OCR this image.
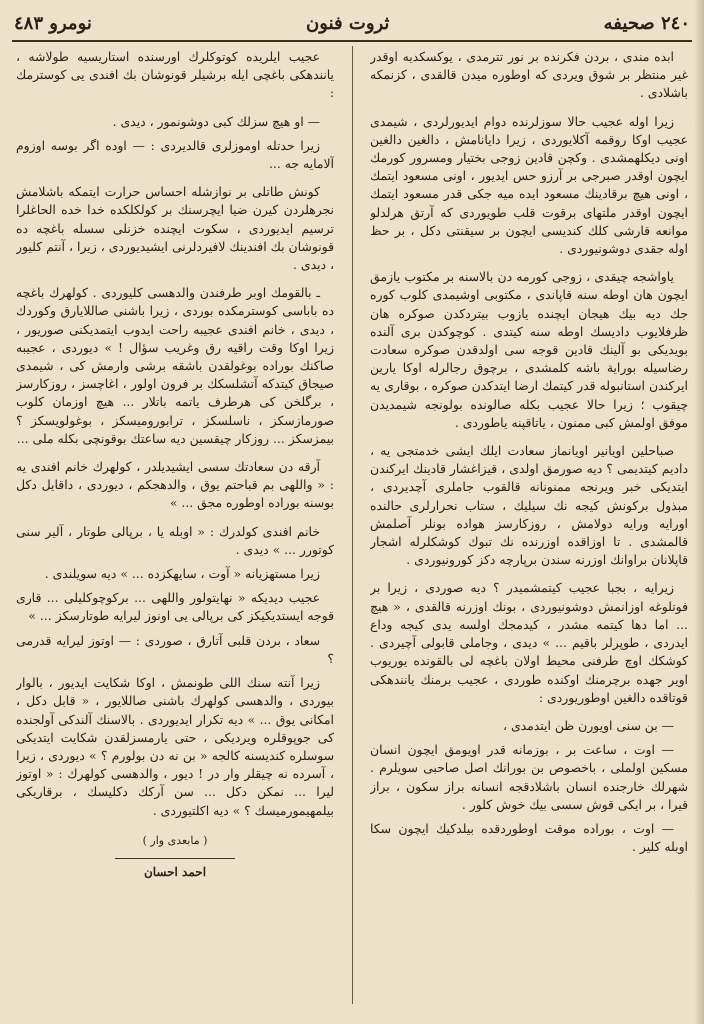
٢٤٠ صحيفه
ثروت فنون
نومرو ٤٨٣

ابده مندى ، بردن فكرنده بر نور تترمدى ، يوكسكديه اوقدر غير منتظر بر شوق ويردى كه اوطوره ميدن قالقدى ، كزنمكه باشلادى .

زيرا اوله عجيب حالا سوزلرنده دوام ايديورلردى ، شيمدى عجيب اوكا روقمه آكلايوردى ، زيرا دايانامش ، دالغين دالغين اونى ديكلهمشدى . وكچن قادين زوجى بختيار ومسرور كورمك ايچون اوقدر صبرجى بر آرزو حس ايديور ، اونى مسعود ايتمك ، اونى هيچ برقادينك مسعود ايده ميه جكى قدر مسعود ايتمك ايچون اوقدر ملتهاى برقوت قلب طويوردى كه آرتق هرلدلو موانعه قارشى كلك كنديسى ايچون بر سيقنتى دكل ، بر حظ اوله جقدى دوشونيوردى .

ياواشجه چيقدى ، زوجى كورمه دن بالاسنه بر مكتوب يازمق ايچون هان اوطه سنه قاپاندى ، مكتوبى اوشيمدى كلوب كوره جك ديه بيك هيجان ايچنده يازوب بيتردكدن صوكره هان ظرفلايوب داديسك اوطه سنه كيتدى . كوچوكدن برى آلنده بويديكى بو آلينك قادين قوجه سى اولدقدن صوكره سعادت رضاسيله بوراية باشه كلمشدى ، برچوق رجالرله اوكا يارين ايركندن استانبوله قدر كيتمك ارضا ايتدكدن صوكره ، بوقارى يه چيقوب ؛ زيرا حالا عجيب بكله صالونده بولونجه شيمديدن موفق اولمش كبى ممنون ، ياتاقپنه ياطوردى .

صباحلين اويانير اويانماز سعادت ايلك ايشى خدمتجى يه ، داديم كيتديمى ؟ ديه صورمق اولدى ، قيزاغشار قادينك ايركندن ايتديكى خبر ويرنجه ممنونانه قالقوب جاملرى آچديردى ، مبذول بركونش كيجه نك سيليك ، ستاب نحرارلرى حالنده اورايه ورايه دولامش ، روزكارسز هواده بونلر آصلمش قالمشدى . تا اوزاقده اوزرنده نك تبوك كوشكلرله اشجار قاپلانان براوانك اوزرنه سندن برپارچه دكز كورونيوردى .

زيرايه ، بجبا عجيب كيتمشميدر ؟ ديه صوردى ، زيرا بر فوتلوغه اوزانمش دوشونيوردى ، بونك اوزرنه قالقدى ، « هيچ ... اما دها كيتمه مشدر ، كيدمجك اولسه يدى كيجه وداع ايدردى ، طوپرلر باقيم ... » ديدى ، وجاملى قابولى آچيردى . كوشكك اوچ طرفنى محيط اولان باغچه لى بالقونده يوريوب اوير جهده برچرمنك اوكنده طوردى ، عجيب برمنك يانندهكى قوتاقده دالغين اوطوريوردى :

— بن سنى اويورن ظن ايتدمدى ،

— اوت ، ساعت بر ، بوزمانه قدر اويومق ايچون انسان مسكين اولملى ، باخصوص بن بورانك اصل صاحبى سويلرم . شهرلك خارجنده انسان باشلادقجه انسانه براز سكون ، براز قيرا ، بر ايكى قوش سسى بيك خوش كلور .

— اوت ، بوراده موقت اوطوردقده بيلدكيك ايچون سكا اوبله كلير .

عجيب ايلريده كوتوكلرك اورسنده استاريسيه طولاشه ، يانندهكى باغچى ايله برشيلر قونوشان بك افندى يى كوسترمك :

— او هيچ سزلك كبى دوشونمور ، ديدى .

زيرا حدتله اوموزلرى قالديردى : — اوده اگر بوسه اوزوم آلامايه جه ...

كونش طاتلى بر نوازشله احساس حرارت ايتمكه باشلامش نجرهلردن كيرن ضيا ايچرسنك بر كولكلكده خدا خده الحاغلرا ترسيم ايديوردى ، سكوت ايچنده خزنلى سسله باغچه ده قونوشان بك افندينك لافيردلرنى ايشيديوردى ، زيرا ، آنتم كليور ، ديدى .

ـ بالقومك اوبر طرفندن والدهسى كليوردى . كولهرك باغچه ده باباسى كوسترمكده بوردى ، زيرا باشنى صاللايارق وكوردك ، ديدى ، خانم افندى عجيبه راحت ايدوب ايتمديكنى صوريور ، زيرا اوكا وقت راقيه رق وغريب سؤال ! » ديوردى ، عجيبه صاكنك بوراده بوغولقدن باشقه برشى وارمش كى ، شيمدى صيجاق كيتدكه آتشلسكك بر فرون اولور ، اغاچسز ، روزكارسز ، برگلخن كى هرطرف ياتمه باتلار ... هيچ اوزمان كلوب صورمازسكز ، ناسلسكز ، ترابوروميسكز ، بوغولويسكز ؟ بيمزسكز ... روزكار چيقسين ديه ساعتك بوقونچى بكله ملى ...

آرقه دن سعادتك سسى ايشيديلدر ، كولهرك خانم افندى يه : « واللهى بم قباحتم يوق ، والدهجكم ، ديوردى ، داقايل دكل بوسنه بوراده اوطوره مجق ... »

خانم افندى كولدرك : « اوبله يا ، برپالى طوتار ، آلير سنى كوتورر ... » ديدى .

زيرا مستهزيانه « آوت ، سايهكزده ... » ديه سويلندى .

عجيب ديديكه « نهايتولور واللهى ... بركوچوكليلى ... قارى قوجه ايستديكيكز كى برپالى يى اونوز ليرايه طوتارسكز ... »

سعاد ، بردن قلبى آتارق ، صوردى : — اوتوز ليرايه قدرمى ؟

زيرا آنته سنك اللى طونمش ، اوكا شكايت ايديور ، بالوار بيوردى ، والدهسى كولهرك باشنى صاللايور ، « قابل دكل ، امكانى يوق ... » ديه تكرار ايديوردى . بالاسنك آلندكى آولجنده كى جوپوقلره ويرديكى ، حتى يارمسزلقدن شكايت ايتديكى سوسلره كنديسنه كالجه « بن نه دن بولورم ؟ » ديوردى ، زيرا ، آسرده نه چيقلر وار در ! ديور ، والدهسى كولهرك : « اوتوز ليرا ... نمكن دكل ... سن آركك دكليسك ، برقاريكى بيلمهيمورميسك ؟ » ديه اكلتيوردى .

( مابعدى وار )
احمد احسان
